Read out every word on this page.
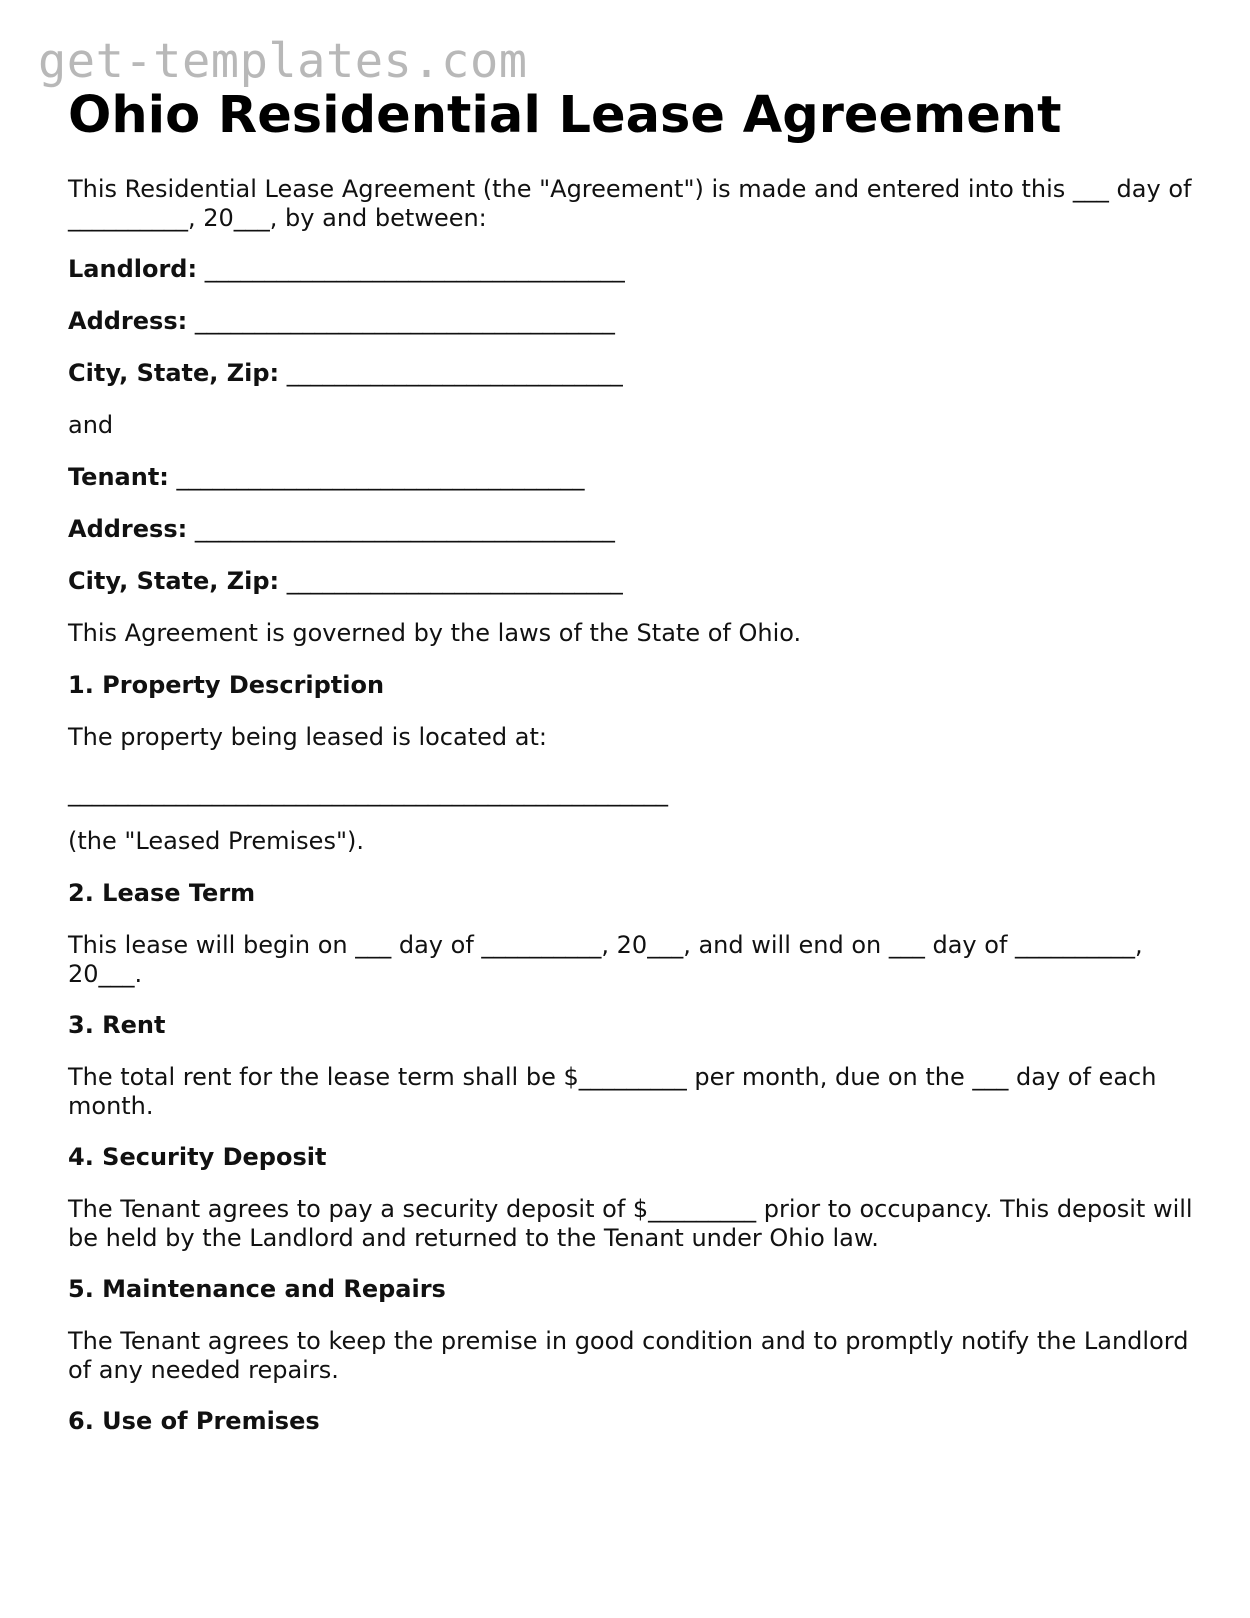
get-templates.com
Ohio Residential Lease Agreement

This Residential Lease Agreement (the "Agreement") is made and entered into this ___ day of __________, 20___, by and between:

Landlord: ___________________________________

Address: ___________________________________

City, State, Zip: ____________________________

and

Tenant: __________________________________

Address: ___________________________________

City, State, Zip: ____________________________

This Agreement is governed by the laws of the State of Ohio.

1. Property Description

The property being leased is located at:

__________________________________________________

(the "Leased Premises").

2. Lease Term

This lease will begin on ___ day of __________, 20___, and will end on ___ day of __________, 20___.

3. Rent

The total rent for the lease term shall be $_________ per month, due on the ___ day of each month.

4. Security Deposit

The Tenant agrees to pay a security deposit of $_________ prior to occupancy. This deposit will be held by the Landlord and returned to the Tenant under Ohio law.

5. Maintenance and Repairs

The Tenant agrees to keep the premise in good condition and to promptly notify the Landlord of any needed repairs.

6. Use of Premises
